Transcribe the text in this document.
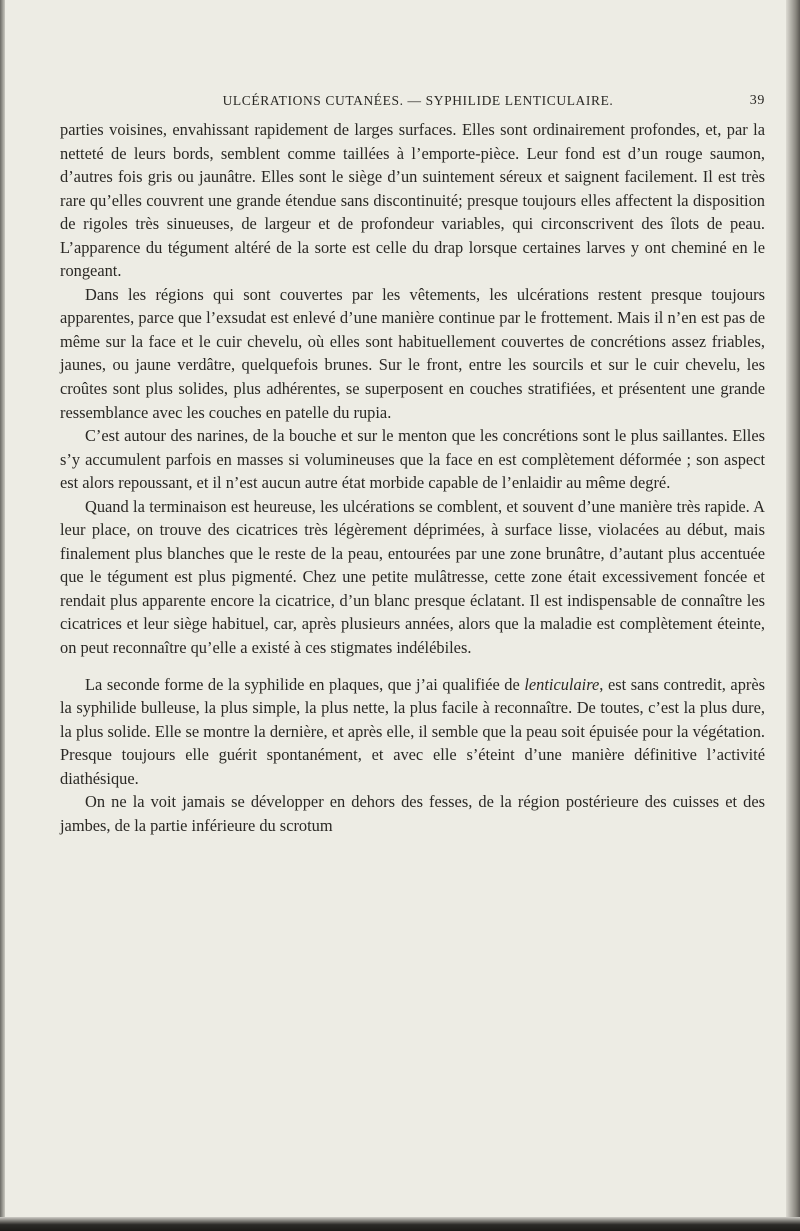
ULCÉRATIONS CUTANÉES. — SYPHILIDE LENTICULAIRE.	39

parties voisines, envahissant rapidement de larges surfaces. Elles sont ordinairement profondes, et, par la netteté de leurs bords, semblent comme taillées à l’emporte-pièce. Leur fond est d’un rouge saumon, d’autres fois gris ou jaunâtre. Elles sont le siège d’un suintement séreux et saignent facilement. Il est très rare qu’elles couvrent une grande étendue sans discontinuité; presque toujours elles affectent la disposition de rigoles très sinueuses, de largeur et de profondeur variables, qui circonscrivent des îlots de peau. L’apparence du tégument altéré de la sorte est celle du drap lorsque certaines larves y ont cheminé en le rongeant.

Dans les régions qui sont couvertes par les vêtements, les ulcérations restent presque toujours apparentes, parce que l’exsudat est enlevé d’une manière continue par le frottement. Mais il n’en est pas de même sur la face et le cuir chevelu, où elles sont habituellement couvertes de concrétions assez friables, jaunes, ou jaune verdâtre, quelquefois brunes. Sur le front, entre les sourcils et sur le cuir chevelu, les croûtes sont plus solides, plus adhérentes, se superposent en couches stratifiées, et présentent une grande ressemblance avec les couches en patelle du rupia.

C’est autour des narines, de la bouche et sur le menton que les concrétions sont le plus saillantes. Elles s’y accumulent parfois en masses si volumineuses que la face en est complètement déformée ; son aspect est alors repoussant, et il n’est aucun autre état morbide capable de l’enlaidir au même degré.

Quand la terminaison est heureuse, les ulcérations se comblent, et souvent d’une manière très rapide. A leur place, on trouve des cicatrices très légèrement déprimées, à surface lisse, violacées au début, mais finalement plus blanches que le reste de la peau, entourées par une zone brunâtre, d’autant plus accentuée que le tégument est plus pigmenté. Chez une petite mulâtresse, cette zone était excessivement foncée et rendait plus apparente encore la cicatrice, d’un blanc presque éclatant. Il est indispensable de connaître les cicatrices et leur siège habituel, car, après plusieurs années, alors que la maladie est complètement éteinte, on peut reconnaître qu’elle a existé à ces stigmates indélébiles.

La seconde forme de la syphilide en plaques, que j’ai qualifiée de lenticulaire, est sans contredit, après la syphilide bulleuse, la plus simple, la plus nette, la plus facile à reconnaître. De toutes, c’est la plus dure, la plus solide. Elle se montre la dernière, et après elle, il semble que la peau soit épuisée pour la végétation. Presque toujours elle guérit spontanément, et avec elle s’éteint d’une manière définitive l’activité diathésique.

On ne la voit jamais se développer en dehors des fesses, de la région postérieure des cuisses et des jambes, de la partie inférieure du scrotum
